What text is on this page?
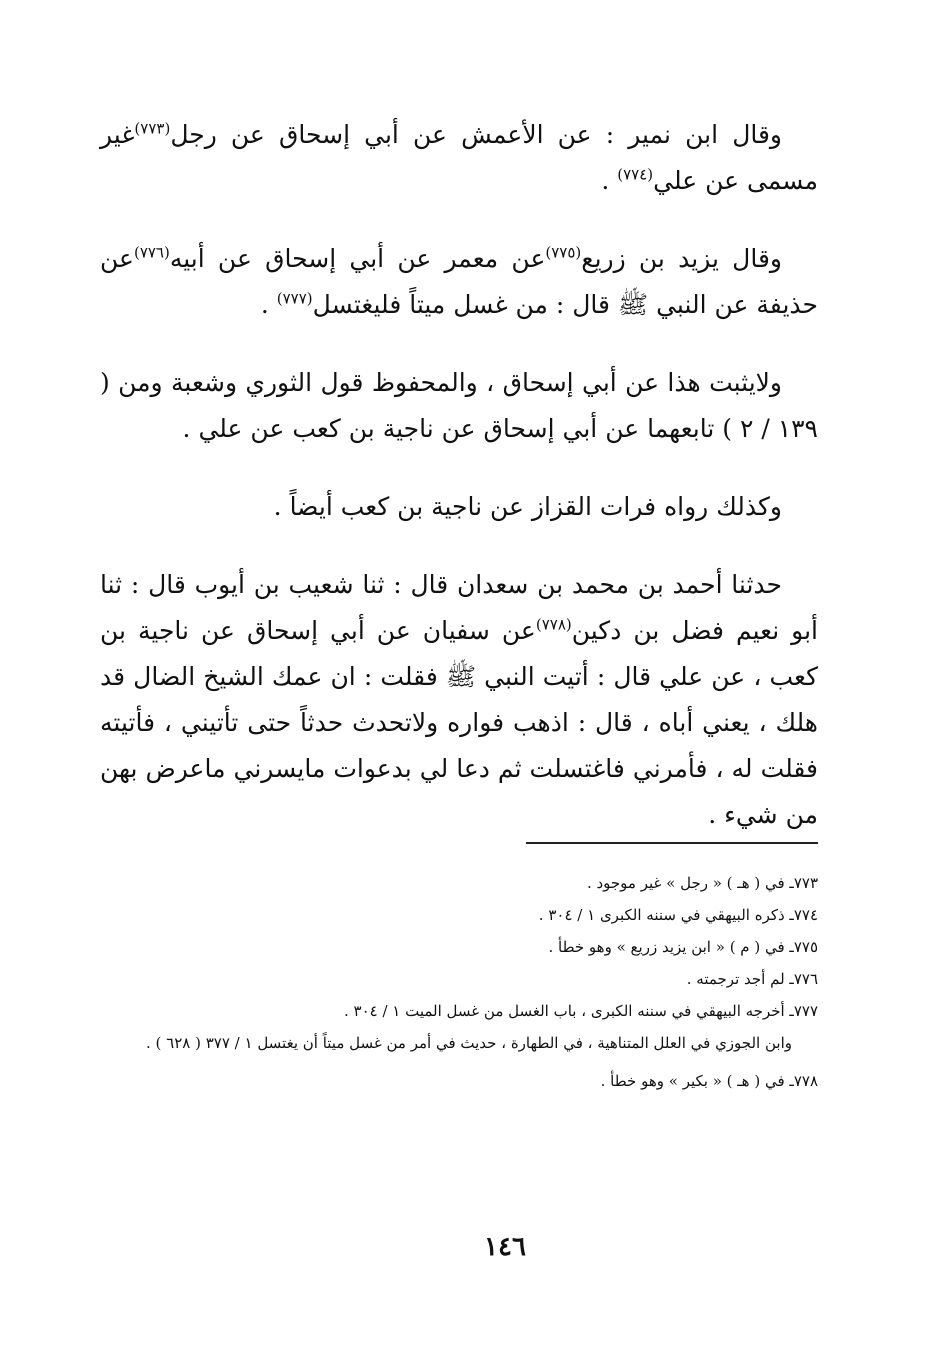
وقال ابن نمير : عن الأعمش عن أبي إسحاق عن رجل$^{(٧٧٣)}$غير مسمى عن علي$^{(٧٧٤)}$ .

وقال يزيد بن زريع$^{(٧٧٥)}$عن معمر عن أبي إسحاق عن أبيه$^{(٧٧٦)}$عن حذيفة عن النبي ﷺ قال : من غسل ميتاً فليغتسل$^{(٧٧٧)}$ .

ولايثبت هذا عن أبي إسحاق ، والمحفوظ قول الثوري وشعبة ومن ( ١٣٩ / ٢ ) تابعهما عن أبي إسحاق عن ناجية بن كعب عن علي .

وكذلك رواه فرات القزاز عن ناجية بن كعب أيضاً .

حدثنا أحمد بن محمد بن سعدان قال : ثنا شعيب بن أيوب قال : ثنا أبو نعيم فضل بن دكين$^{(٧٧٨)}$عن سفيان عن أبي إسحاق عن ناجية بن كعب ، عن علي قال : أتيت النبي ﷺ فقلت : ان عمك الشيخ الضال قد هلك ، يعني أباه ، قال : اذهب فواره ولاتحدث حدثاً حتى تأتيني ، فأتيته فقلت له ، فأمرني فاغتسلت ثم دعا لي بدعوات مايسرني ماعرض بهن من شيء .

٧٧٣ـ في ( هـ ) « رجل » غير موجود .

٧٧٤ـ ذكره البيهقي في سننه الكبرى ١ / ٣٠٤ .

٧٧٥ـ في ( م ) « ابن يزيد زريع » وهو خطأ .

٧٧٦ـ لم أجد ترجمته .

٧٧٧ـ أخرجه البيهقي في سننه الكبرى ، باب الغسل من غسل الميت ١ / ٣٠٤ .

وابن الجوزي في العلل المتناهية ، في الطهارة ، حديث في أمر من غسل ميتاً أن يغتسل ١ / ٣٧٧ ( ٦٢٨ ) .

٧٧٨ـ في ( هـ ) « بكير » وهو خطأ .

١٤٦
